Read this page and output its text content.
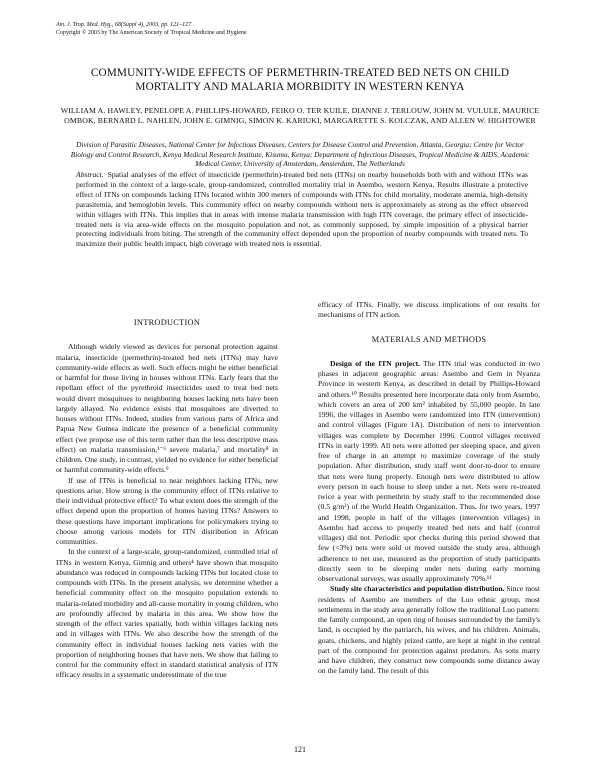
Am. J. Trop. Med. Hyg., 68(Suppl 4), 2003, pp. 121–127
Copyright © 2003 by The American Society of Tropical Medicine and Hygiene
COMMUNITY-WIDE EFFECTS OF PERMETHRIN-TREATED BED NETS ON CHILD MORTALITY AND MALARIA MORBIDITY IN WESTERN KENYA
WILLIAM A. HAWLEY, PENELOPE A. PHILLIPS-HOWARD, FEIKO O. TER KUILE, DIANNE J. TERLOUW, JOHN M. VULULE, MAURICE OMBOK, BERNARD L. NAHLEN, JOHN E. GIMNIG, SIMON K. KARIUKI, MARGARETTE S. KOLCZAK, AND ALLEN W. HIGHTOWER
Division of Parasitic Diseases, National Center for Infectious Diseases, Centers for Disease Control and Prevention, Atlanta, Georgia; Centre for Vector Biology and Control Research, Kenya Medical Research Institute, Kisumu, Kenya; Department of Infectious Diseases, Tropical Medicine & AIDS, Academic Medical Center, University of Amsterdam, Amsterdam, The Netherlands
Abstract. Spatial analyses of the effect of insecticide (permethrin)-treated bed nets (ITNs) on nearby households both with and without ITNs was performed in the context of a large-scale, group-randomized, controlled mortality trial in Asembo, western Kenya. Results illustrate a protective effect of ITNs on compounds lacking ITNs located within 300 meters of compounds with ITNs for child mortality, moderate anemia, high-density parasitemia, and hemoglobin levels. This community effect on nearby compounds without nets is approximately as strong as the effect observed within villages with ITNs. This implies that in areas with intense malaria transmission with high ITN coverage, the primary effect of insecticide-treated nets is via area-wide effects on the mosquito population and not, as commonly supposed, by simple imposition of a physical barrier protecting individuals from biting. The strength of the community effect depended upon the proportion of nearby compounds with treated nets. To maximize their public health impact, high coverage with treated nets is essential.
INTRODUCTION

Although widely viewed as devices for personal protection against malaria, insecticide (permethrin)-treated bed nets (ITNs) may have community-wide effects as well. Such effects might be either beneficial or harmful for those living in houses without ITNs. Early fears that the repellant effect of the pyrethroid insecticides used to treat bed nets would divert mosquitoes to neighboring houses lacking nets have been largely allayed. No evidence exists that mosquitoes are diverted to houses without ITNs. Indeed, studies from various parts of Africa and Papua New Guinea indicate the presence of a beneficial community effect (we propose use of this term rather than the less descriptive mass effect) on malaria transmission,¹⁻⁶ severe malaria,⁷ and mortality⁸ in children. One study, in contrast, yielded no evidence for either beneficial or harmful community-wide effects.⁹

If use of ITNs is beneficial to near neighbors lacking ITNs, new questions arise. How strong is the community effect of ITNs relative to their individual protective effect? To what extent does the strength of the effect depend upon the proportion of homes having ITNs? Answers to these questions have important implications for policymakers trying to choose among various models for ITN distribution in African communities.

In the context of a large-scale, group-randomized, controlled trial of ITNs in western Kenya, Gimnig and others⁴ have shown that mosquito abundance was reduced in compounds lacking ITNs but located close to compounds with ITNs. In the present analysis, we determine whether a beneficial community effect on the mosquito population extends to malaria-related morbidity and all-cause mortality in young children, who are profoundly affected by malaria in this area. We show how the strength of the effect varies spatially, both within villages lacking nets and in villages with ITNs. We also describe how the strength of the community effect in individual houses lacking nets varies with the proportion of neighboring houses that have nets. We show that failing to control for the community effect in standard statistical analysis of ITN efficacy results in a systematic underestimate of the true

efficacy of ITNs. Finally, we discuss implications of our results for mechanisms of ITN action.

MATERIALS AND METHODS

Design of the ITN project. The ITN trial was conducted in two phases in adjacent geographic areas: Asembo and Gem in Nyanza Province in western Kenya, as described in detail by Phillips-Howard and others.¹⁰ Results presented here incorporate data only from Asembo, which covers an area of 200 km² inhabited by 55,000 people. In late 1996, the villages in Asembo were randomized into ITN (intervention) and control villages (Figure 1A). Distribution of nets to intervention villages was complete by December 1996. Control villages received ITNs in early 1999. All nets were allotted per sleeping space, and given free of charge in an attempt to maximize coverage of the study population. After distribution, study staff went door-to-door to ensure that nets were hung properly. Enough nets were distributed to allow every person in each house to sleep under a net. Nets were re-treated twice a year with permethrin by study staff to the recommended dose (0.5 g/m²) of the World Health Organization. Thus, for two years, 1997 and 1998, people in half of the villages (intervention villages) in Asembo had access to properly treated bed nets and half (control villages) did not. Periodic spot checks during this period showed that few (<3%) nets were sold or moved outside the study area, although adherence to net use, measured as the proportion of study participants directly seen to be sleeping under nets during early morning observational surveys, was usually approximately 70%.¹¹

Study site characteristics and population distribution. Since most residents of Asembo are members of the Luo ethnic group, most settlements in the study area generally follow the traditional Luo pattern: the family compound, an open ring of houses surrounded by the family's land, is occupied by the patriarch, his wives, and his children. Animals, goats, chickens, and highly prized cattle, are kept at night in the central part of the compound for protection against predators. As sons marry and have children, they construct new compounds some distance away on the family land. The result of this

121
